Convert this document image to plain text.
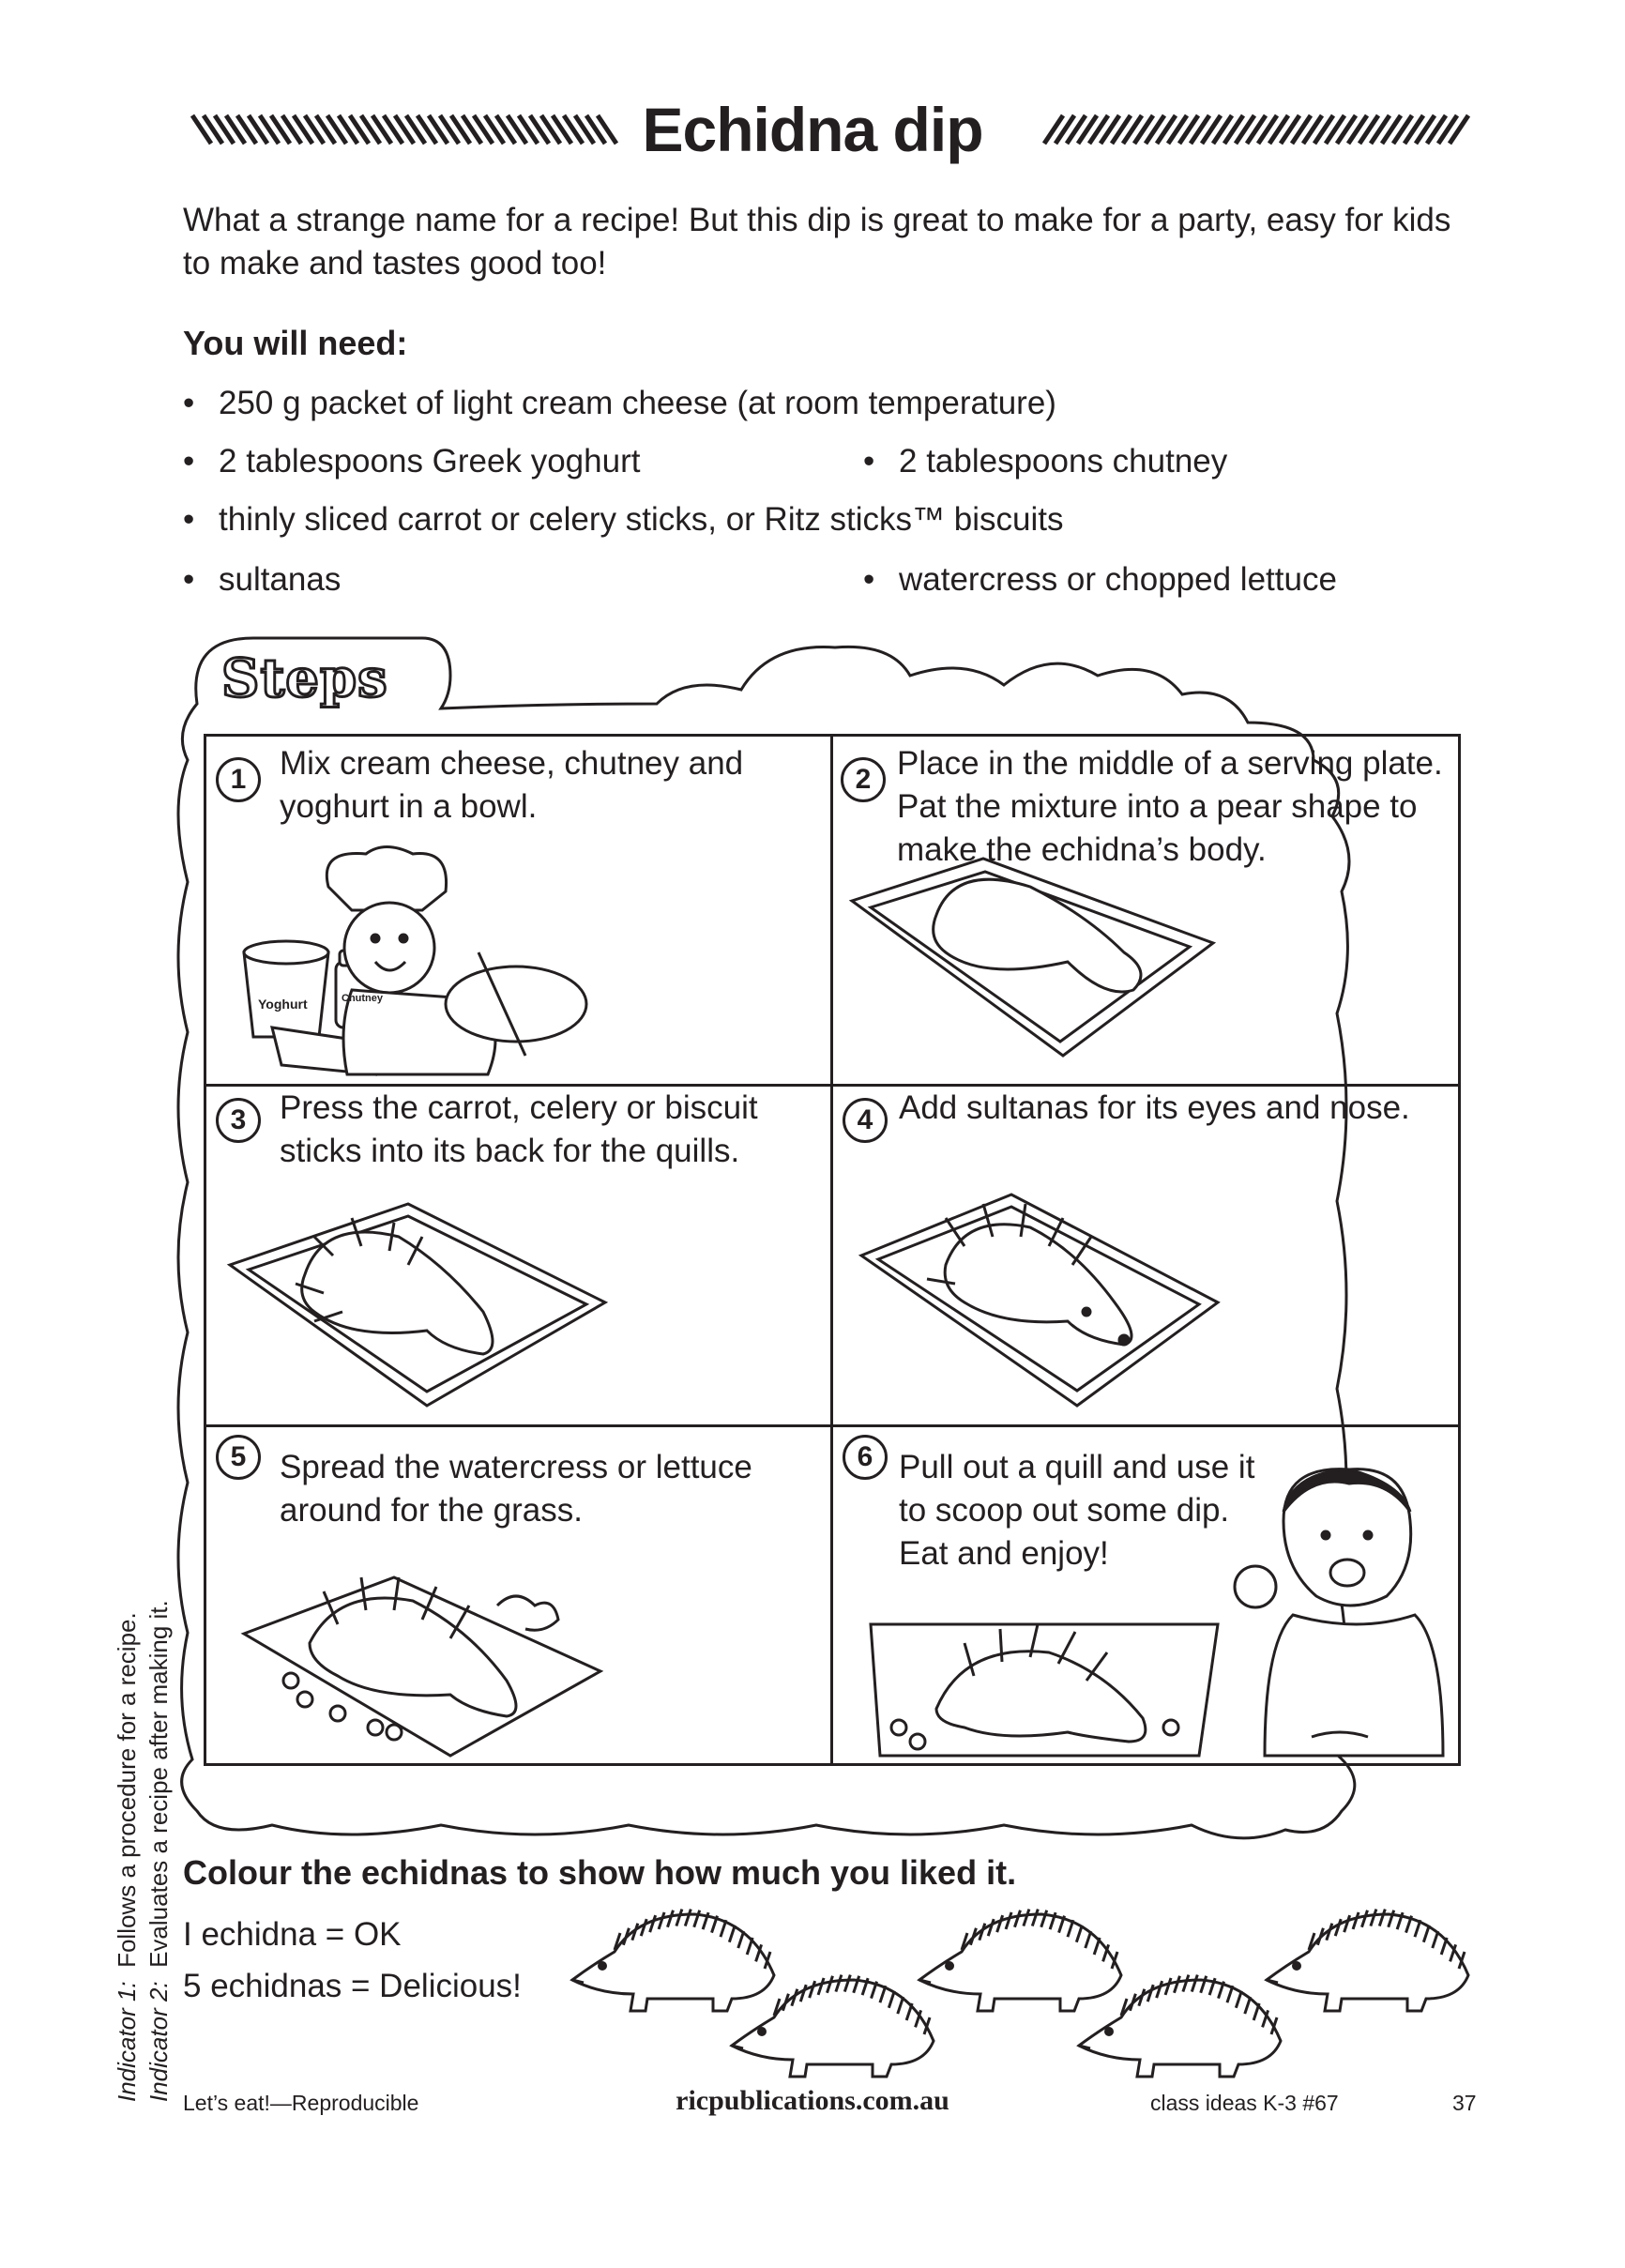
Echidna dip
What a strange name for a recipe! But this dip is great to make for a party, easy for kids to make and tastes good too!
You will need:
• 250 g packet of light cream cheese (at room temperature)
• 2 tablespoons Greek yoghurt	• 2 tablespoons chutney
• thinly sliced carrot or celery sticks, or Ritz sticks™ biscuits
• sultanas	• watercress or chopped lettuce
Steps
1	Mix cream cheese, chutney and yoghurt in a bowl.
Yoghurt	Chutney
2 Place in the middle of a serving plate. Pat the mixture into a pear shape to make the echidna’s body.
3	Press the carrot, celery or biscuit sticks into its back for the quills.
4 Add sultanas for its eyes and nose.
5	Spread the watercress or lettuce around for the grass.
6 Pull out a quill and use it to scoop out some dip. Eat and enjoy!
Colour the echidnas to show how much you liked it.
I echidna = OK
5 echidnas = Delicious!
Indicator 1:  Follows a procedure for a recipe.
Indicator 2:  Evaluates a recipe after making it.
Let’s eat!—Reproducible	ricpublications.com.au	class ideas K-3 #67	37
